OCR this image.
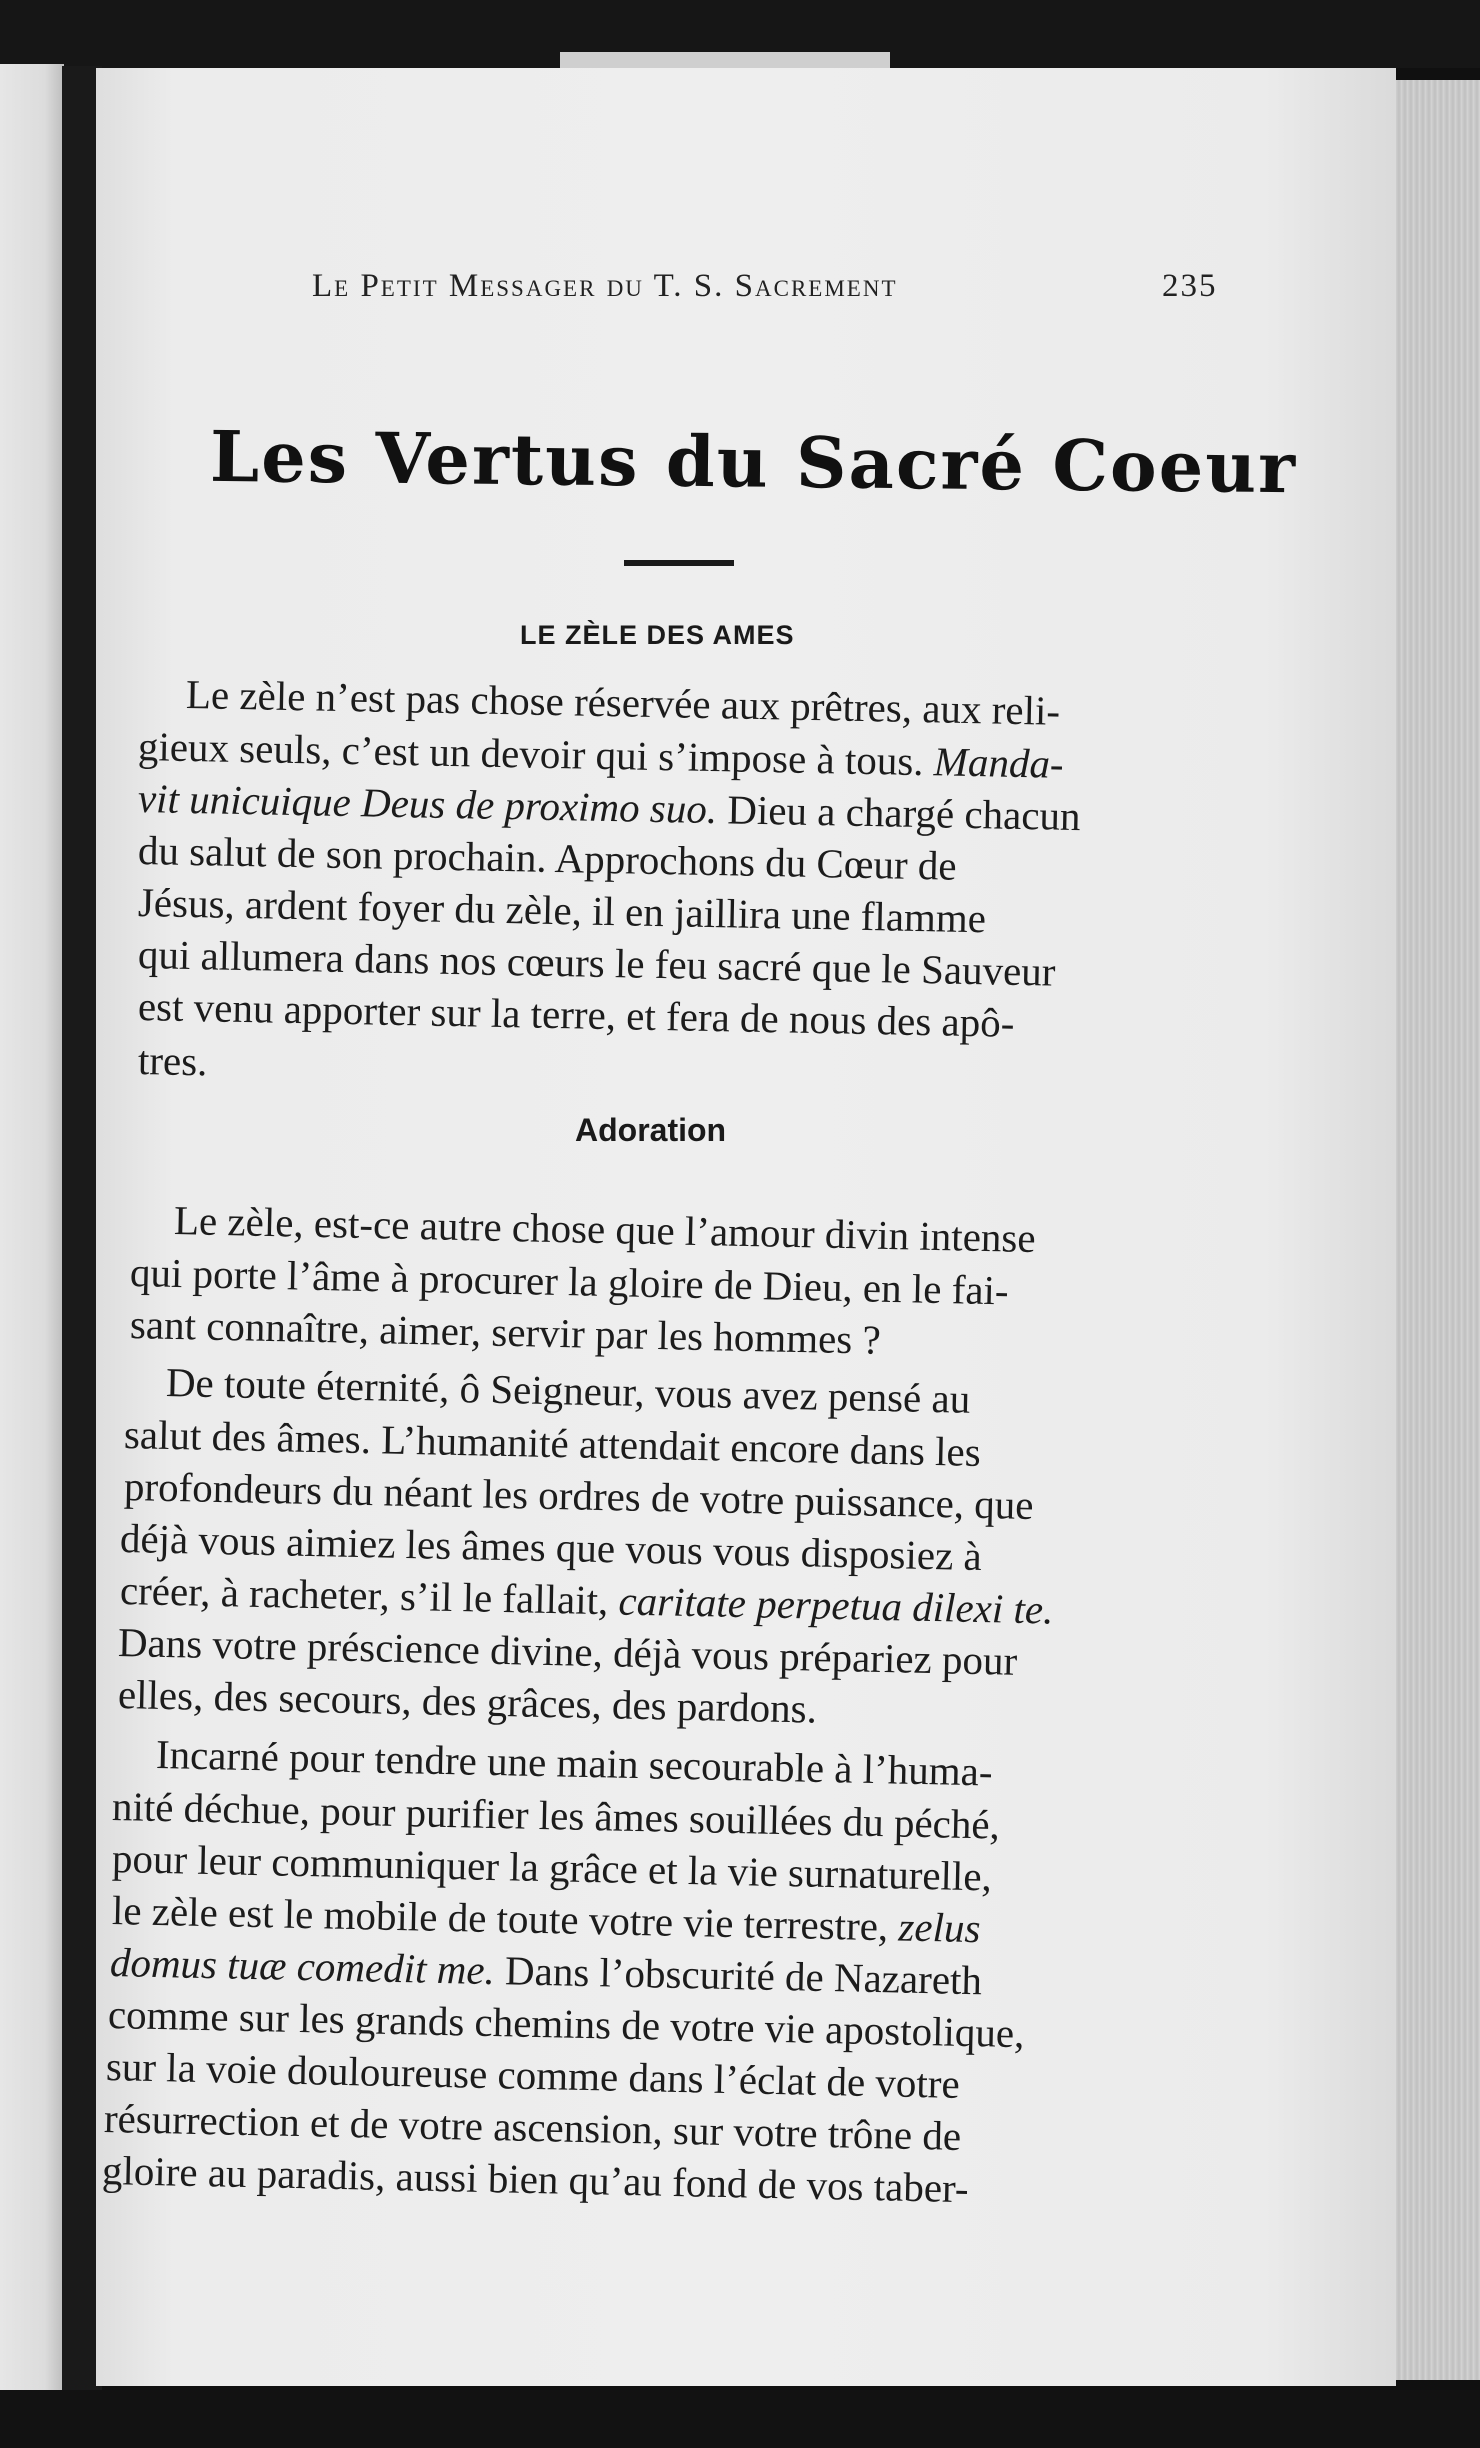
Le Petit Messager du T. S. Sacrement	235
Les Vertus du Sacré Coeur
LE ZÈLE DES AMES

Le zèle n’est pas chose réservée aux prêtres, aux reli-

gieux seuls, c’est un devoir qui s’impose à tous. Manda-

vit unicuique Deus de proximo suo. Dieu a chargé chacun

du salut de son prochain. Approchons du Cœur de

Jésus, ardent foyer du zèle, il en jaillira une flamme

qui allumera dans nos cœurs le feu sacré que le Sauveur

est venu apporter sur la terre, et fera de nous des apô-

tres.

Adoration

Le zèle, est-ce autre chose que l’amour divin intense

qui porte l’âme à procurer la gloire de Dieu, en le fai-

sant connaître, aimer, servir par les hommes ?

De toute éternité, ô Seigneur, vous avez pensé au

salut des âmes. L’humanité attendait encore dans les

profondeurs du néant les ordres de votre puissance, que

déjà vous aimiez les âmes que vous vous disposiez à

créer, à racheter, s’il le fallait, caritate perpetua dilexi te.

Dans votre préscience divine, déjà vous prépariez pour

elles, des secours, des grâces, des pardons.

Incarné pour tendre une main secourable à l’huma-

nité déchue, pour purifier les âmes souillées du péché,

pour leur communiquer la grâce et la vie surnaturelle,

le zèle est le mobile de toute votre vie terrestre, zelus

domus tuæ comedit me. Dans l’obscurité de Nazareth

comme sur les grands chemins de votre vie apostolique,

sur la voie douloureuse comme dans l’éclat de votre

résurrection et de votre ascension, sur votre trône de

gloire au paradis, aussi bien qu’au fond de vos taber-
